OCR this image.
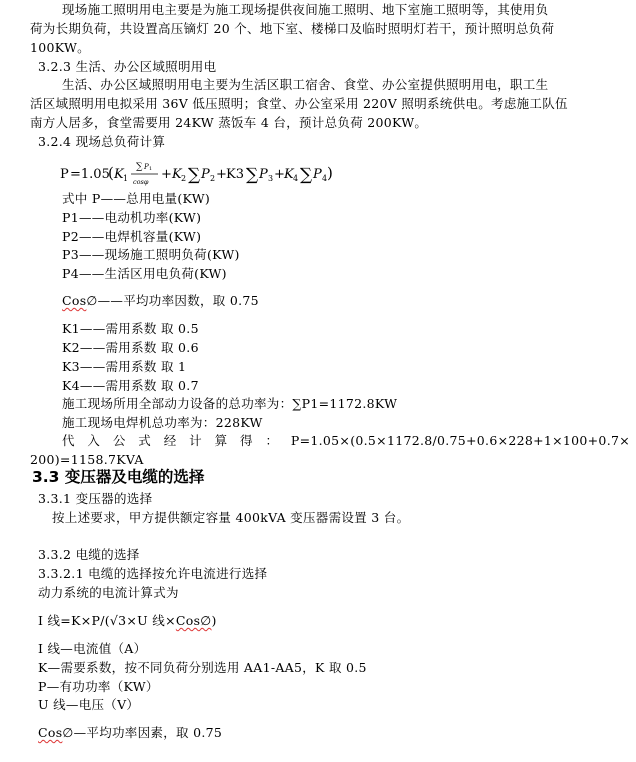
现场施工照明用电主要是为施工现场提供夜间施工照明、地下室施工照明等，其使用负
荷为长期负荷，共设置高压镝灯 20 个、地下室、楼梯口及临时照明灯若干，预计照明总负荷
100KW。
3.2.3 生活、办公区域照明用电
生活、办公区域照明用电主要为生活区职工宿舍、食堂、办公室提供照明用电，职工生
活区域照明用电拟采用 36V 低压照明；食堂、办公室采用 220V 照明系统供电。考虑施工队伍
南方人居多，食堂需要用 24KW 蒸饭车 4 台，预计总负荷 200KW。
3.2.4 现场总负荷计算
P =1.05
( K 1
∑ P 1
cosφ + K 2 ∑ P 2 + K3 ∑ P 3 + K 4 ∑ P 4 )
式中 P——总用电量(KW)
P1——电动机功率(KW)
P2——电焊机容量(KW)
P3——现场施工照明负荷(KW)
P4——生活区用电负荷(KW)
Cos∅——平均功率因数，取 0.75
K1——需用系数 取 0.5
K2——需用系数 取 0.6
K3——需用系数 取 1
K4——需用系数 取 0.7
施工现场所用全部动力设备的总功率为：∑P1=1172.8KW
施工现场电焊机总功率为：228KW
代入公式经计算得：P=1.05×(0.5×1172.8/0.75+0.6×228+1×100+0.7×
200)=1158.7KVA
3.3 变压器及电缆的选择
3.3.1 变压器的选择
按上述要求，甲方提供额定容量 400kVA 变压器需设置 3 台。
3.3.2 电缆的选择
3.3.2.1 电缆的选择按允许电流进行选择
动力系统的电流计算式为
I 线=K×P/(√3×U 线×Cos∅)
I 线—电流值（A）
K—需要系数，按不同负荷分别选用 AA1-AA5，K 取 0.5
P—有功功率（KW）
U 线—电压（V）
Cos∅—平均功率因素，取 0.75
